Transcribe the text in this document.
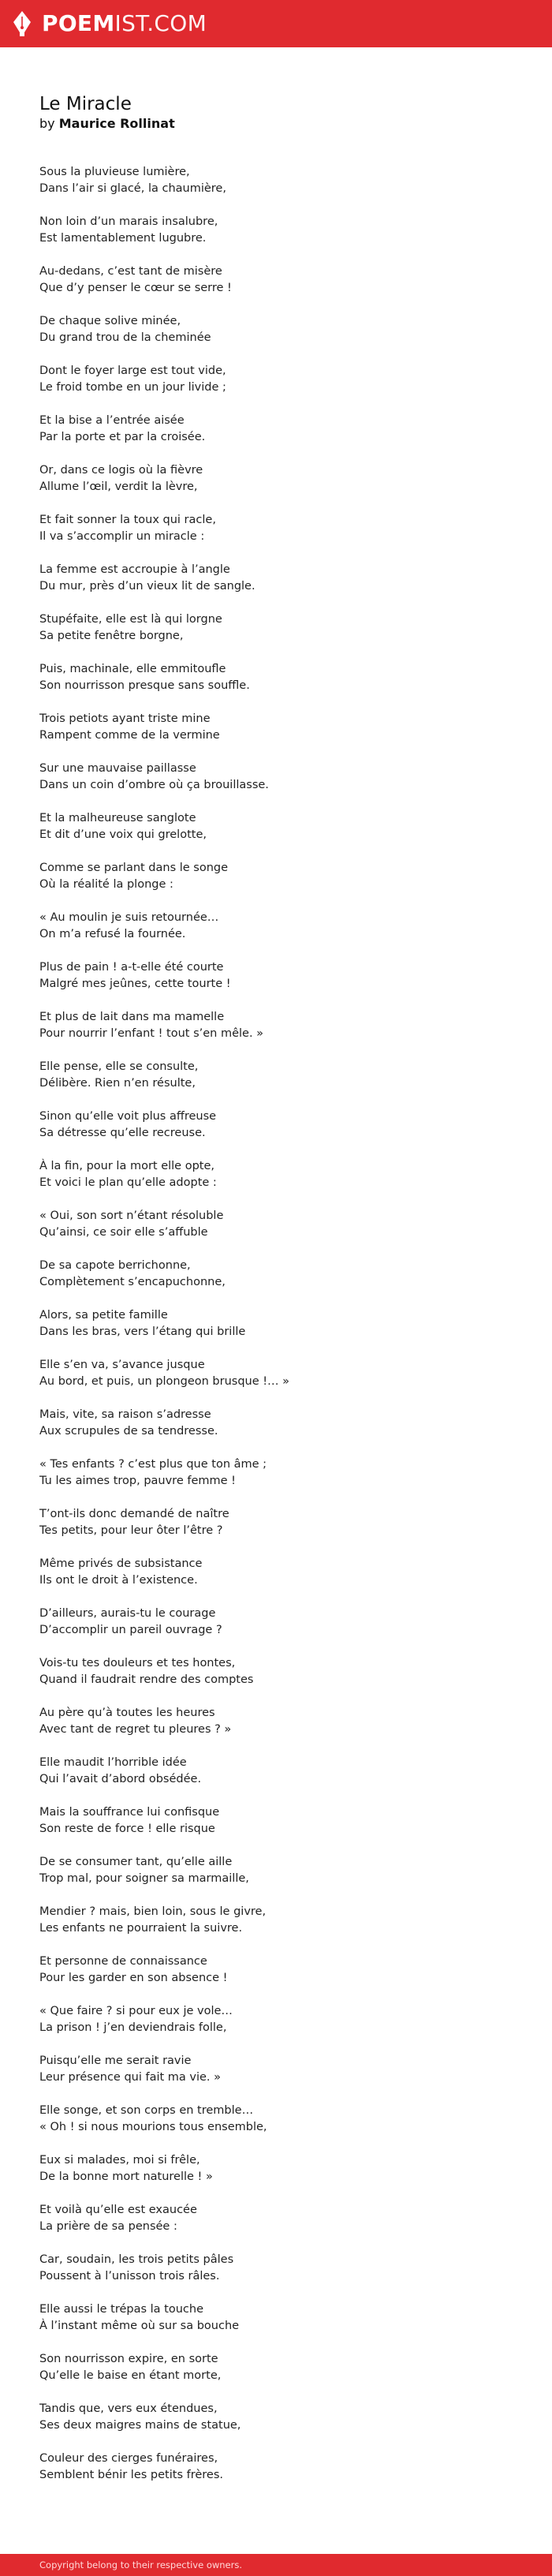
POEMIST.COM
Le Miracle
by Maurice Rollinat

Sous la pluvieuse lumière,
Dans l’air si glacé, la chaumière,

Non loin d’un marais insalubre,
Est lamentablement lugubre.

Au-dedans, c’est tant de misère
Que d’y penser le cœur se serre !

De chaque solive minée,
Du grand trou de la cheminée

Dont le foyer large est tout vide,
Le froid tombe en un jour livide ;

Et la bise a l’entrée aisée
Par la porte et par la croisée.

Or, dans ce logis où la fièvre
Allume l’œil, verdit la lèvre,

Et fait sonner la toux qui racle,
Il va s’accomplir un miracle :

La femme est accroupie à l’angle
Du mur, près d’un vieux lit de sangle.

Stupéfaite, elle est là qui lorgne
Sa petite fenêtre borgne,

Puis, machinale, elle emmitoufle
Son nourrisson presque sans souffle.

Trois petiots ayant triste mine
Rampent comme de la vermine

Sur une mauvaise paillasse
Dans un coin d’ombre où ça brouillasse.

Et la malheureuse sanglote
Et dit d’une voix qui grelotte,

Comme se parlant dans le songe
Où la réalité la plonge :

« Au moulin je suis retournée…
On m’a refusé la fournée.

Plus de pain ! a-t-elle été courte
Malgré mes jeûnes, cette tourte !

Et plus de lait dans ma mamelle
Pour nourrir l’enfant ! tout s’en mêle. »

Elle pense, elle se consulte,
Délibère. Rien n’en résulte,

Sinon qu’elle voit plus affreuse
Sa détresse qu’elle recreuse.

À la fin, pour la mort elle opte,
Et voici le plan qu’elle adopte :

« Oui, son sort n’étant résoluble
Qu’ainsi, ce soir elle s’affuble

De sa capote berrichonne,
Complètement s’encapuchonne,

Alors, sa petite famille
Dans les bras, vers l’étang qui brille

Elle s’en va, s’avance jusque
Au bord, et puis, un plongeon brusque !… »

Mais, vite, sa raison s’adresse
Aux scrupules de sa tendresse.

« Tes enfants ? c’est plus que ton âme ;
Tu les aimes trop, pauvre femme !

T’ont-ils donc demandé de naître
Tes petits, pour leur ôter l’être ?

Même privés de subsistance
Ils ont le droit à l’existence.

D’ailleurs, aurais-tu le courage
D’accomplir un pareil ouvrage ?

Vois-tu tes douleurs et tes hontes,
Quand il faudrait rendre des comptes

Au père qu’à toutes les heures
Avec tant de regret tu pleures ? »

Elle maudit l’horrible idée
Qui l’avait d’abord obsédée.

Mais la souffrance lui confisque
Son reste de force ! elle risque

De se consumer tant, qu’elle aille
Trop mal, pour soigner sa marmaille,

Mendier ? mais, bien loin, sous le givre,
Les enfants ne pourraient la suivre.

Et personne de connaissance
Pour les garder en son absence !

« Que faire ? si pour eux je vole…
La prison ! j’en deviendrais folle,

Puisqu’elle me serait ravie
Leur présence qui fait ma vie. »

Elle songe, et son corps en tremble…
« Oh ! si nous mourions tous ensemble,

Eux si malades, moi si frêle,
De la bonne mort naturelle ! »

Et voilà qu’elle est exaucée
La prière de sa pensée :

Car, soudain, les trois petits pâles
Poussent à l’unisson trois râles.

Elle aussi le trépas la touche
À l’instant même où sur sa bouche

Son nourrisson expire, en sorte
Qu’elle le baise en étant morte,

Tandis que, vers eux étendues,
Ses deux maigres mains de statue,

Couleur des cierges funéraires,
Semblent bénir les petits frères.

Copyright belong to their respective owners.
